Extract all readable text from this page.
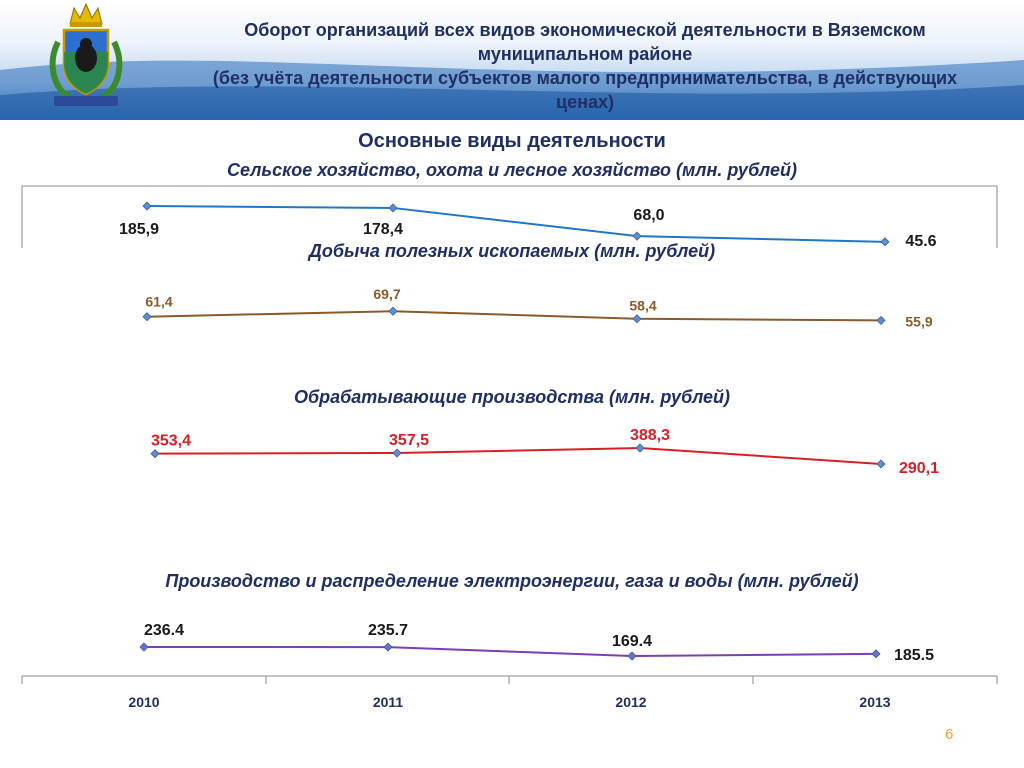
Оборот организаций всех видов экономической деятельности в Вяземском
муниципальном районе
(без учёта деятельности субъектов малого предпринимательства, в действующих
ценах)
Основные виды деятельности
Сельское хозяйство, охота и лесное хозяйство (млн. рублей)
Добыча полезных ископаемых (млн. рублей)
Обрабатывающие производства (млн. рублей)
Производство и распределение электроэнергии, газа и воды (млн. рублей)
2010	2011	2012	2013
185,9	178,4
68,0
45.6
61,4	69,7
58,4
55,9
353,4	357,5	388,3
290,1
236.4	235.7
169.4
185.5
6
